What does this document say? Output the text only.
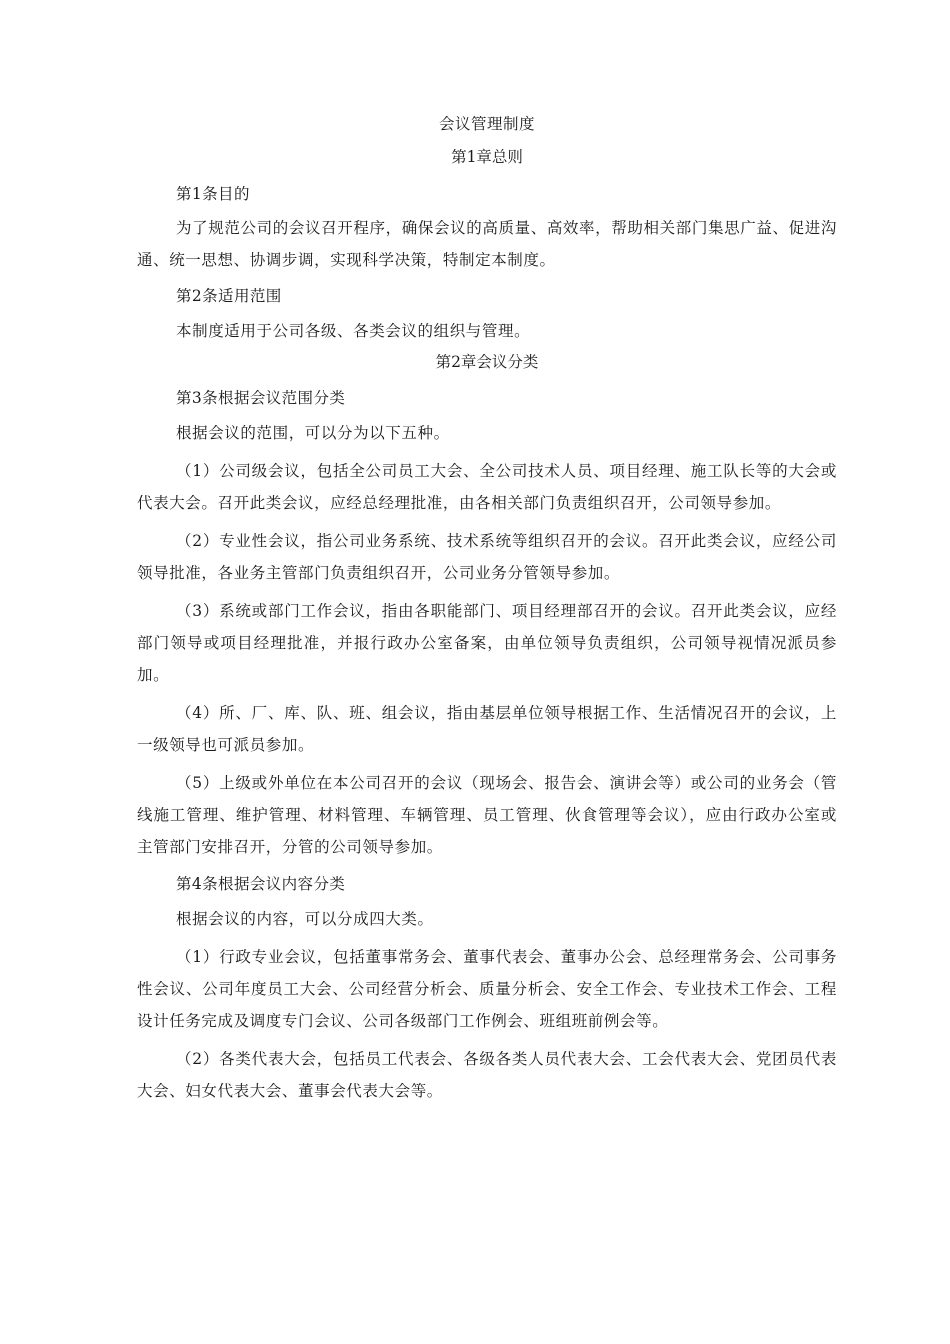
会议管理制度
第1章总则

第1条目的

为了规范公司的会议召开程序，确保会议的高质量、高效率，帮助相关部门集思广益、促进沟通、统一思想、协调步调，实现科学决策，特制定本制度。

第2条适用范围

本制度适用于公司各级、各类会议的组织与管理。

第2章会议分类

第3条根据会议范围分类

根据会议的范围，可以分为以下五种。

（1）公司级会议，包括全公司员工大会、全公司技术人员、项目经理、施工队长等的大会或代表大会。召开此类会议，应经总经理批准，由各相关部门负责组织召开，公司领导参加。

（2）专业性会议，指公司业务系统、技术系统等组织召开的会议。召开此类会议，应经公司领导批准，各业务主管部门负责组织召开，公司业务分管领导参加。

（3）系统或部门工作会议，指由各职能部门、项目经理部召开的会议。召开此类会议，应经部门领导或项目经理批准，并报行政办公室备案，由单位领导负责组织，公司领导视情况派员参加。

（4）所、厂、库、队、班、组会议，指由基层单位领导根据工作、生活情况召开的会议，上一级领导也可派员参加。

（5）上级或外单位在本公司召开的会议（现场会、报告会、演讲会等）或公司的业务会（管线施工管理、维护管理、材料管理、车辆管理、员工管理、伙食管理等会议），应由行政办公室或主管部门安排召开，分管的公司领导参加。

第4条根据会议内容分类

根据会议的内容，可以分成四大类。

（1）行政专业会议，包括董事常务会、董事代表会、董事办公会、总经理常务会、公司事务性会议、公司年度员工大会、公司经营分析会、质量分析会、安全工作会、专业技术工作会、工程设计任务完成及调度专门会议、公司各级部门工作例会、班组班前例会等。

（2）各类代表大会，包括员工代表会、各级各类人员代表大会、工会代表大会、党团员代表大会、妇女代表大会、董事会代表大会等。
